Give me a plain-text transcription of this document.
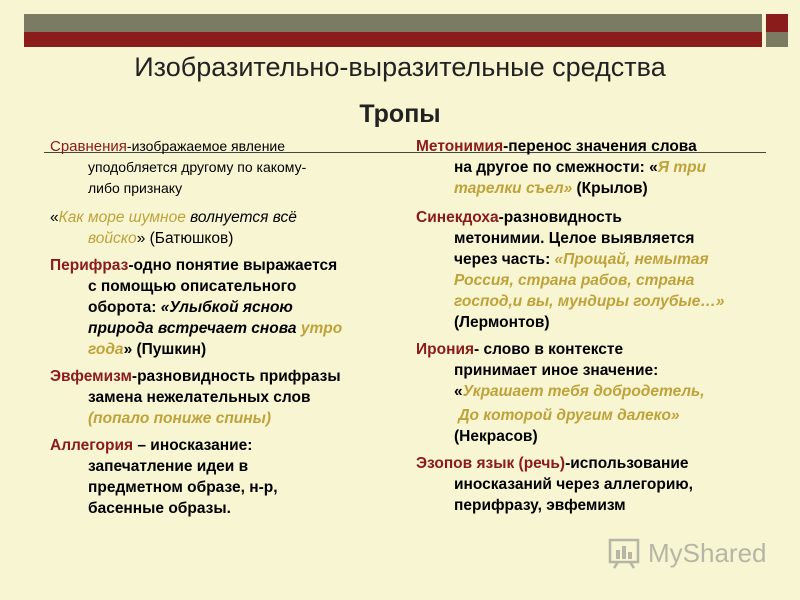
Изобразительно-выразительные средства
Тропы
Сравнения-изображаемое явление
уподобляется другому по какому-
либо признаку
«Как море шумное волнуется всё
войско» (Батюшков)
Перифраз-одно понятие выражается
с помощью описательного
оборота: «Улыбкой ясною
природа встречает снова утро
года» (Пушкин)
Эвфемизм-разновидность прифразы
замена нежелательных слов
(попало пониже спины)
Аллегория – иносказание:
запечатление идеи в
предметном образе, н-р,
басенные образы.
Метонимия-перенос значения слова
на другое по смежности: «Я три
тарелки съел» (Крылов)
Синекдоха-разновидность
метонимии. Целое выявляется
через часть: «Прощай, немытая
Россия, страна рабов, страна
господ,и вы, мундиры голубые…»
(Лермонтов)
Ирония- слово в контексте
принимает иное значение:
«Украшает тебя добродетель,
До которой другим далеко»
(Некрасов)
Эзопов язык (речь)-использование
иносказаний через аллегорию,
перифразу, эвфемизм
MyShared
